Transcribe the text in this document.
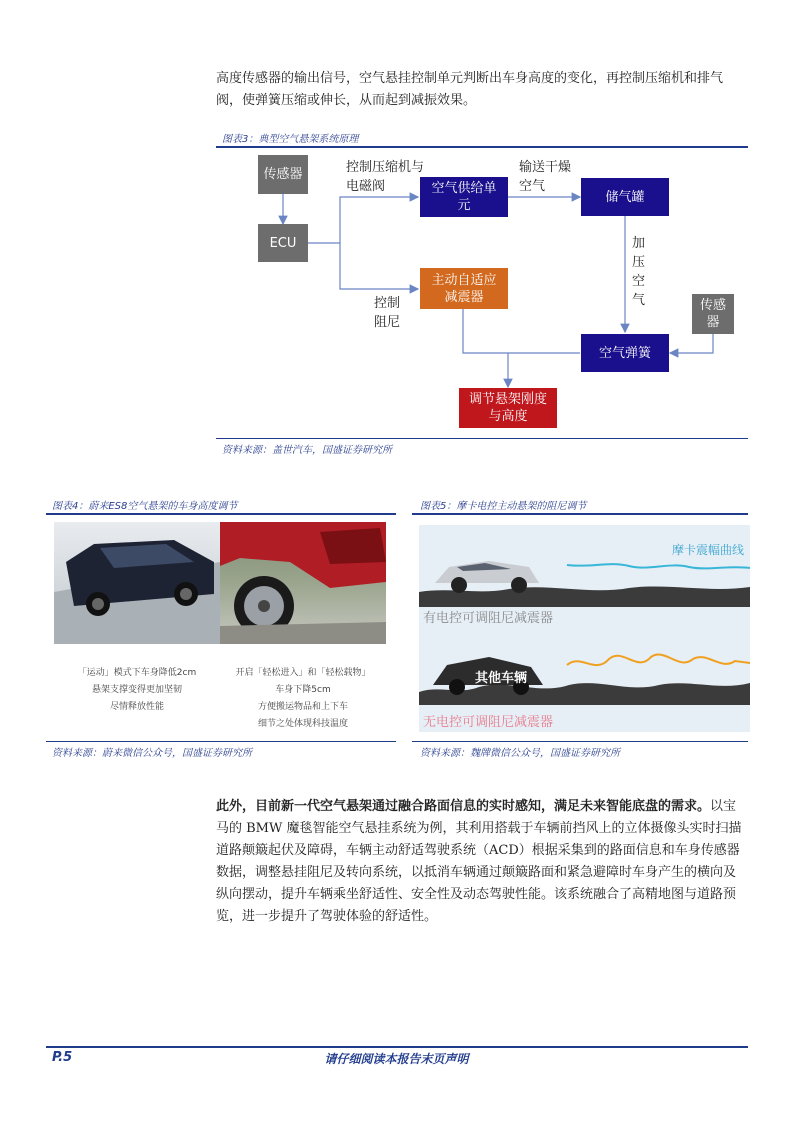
高度传感器的输出信号，空气悬挂控制单元判断出车身高度的变化，再控制压缩机和排气阀，使弹簧压缩或伸长，从而起到减振效果。
图表3：典型空气悬架系统原理
传感器
ECU
空气供给单元
储气罐
主动自适应减震器
传感器
空气弹簧
调节悬架刚度与高度
控制压缩机与电磁阀
输送干燥空气
加压空气
控制阻尼
资料来源：盖世汽车，国盛证券研究所
图表4：蔚来ES8空气悬架的车身高度调节
「运动」模式下车身降低2cm
悬架支撑变得更加坚韧
尽情释放性能
开启「轻松进入」和「轻松载物」
车身下降5cm
方便搬运物品和上下车
细节之处体现科技温度
资料来源：蔚来微信公众号，国盛证券研究所
图表5：摩卡电控主动悬架的阻尼调节
摩卡震幅曲线
有电控可调阻尼减震器
其他车辆
无电控可调阻尼减震器
资料来源：魏牌微信公众号，国盛证券研究所
此外，目前新一代空气悬架通过融合路面信息的实时感知，满足未来智能底盘的需求。以宝马的 BMW 魔毯智能空气悬挂系统为例，其利用搭载于车辆前挡风上的立体摄像头实时扫描道路颠簸起伏及障碍，车辆主动舒适驾驶系统（ACD）根据采集到的路面信息和车身传感器数据，调整悬挂阻尼及转向系统，以抵消车辆通过颠簸路面和紧急避障时车身产生的横向及纵向摆动，提升车辆乘坐舒适性、安全性及动态驾驶性能。该系统融合了高精地图与道路预览，进一步提升了驾驶体验的舒适性。
P.5	请仔细阅读本报告末页声明
